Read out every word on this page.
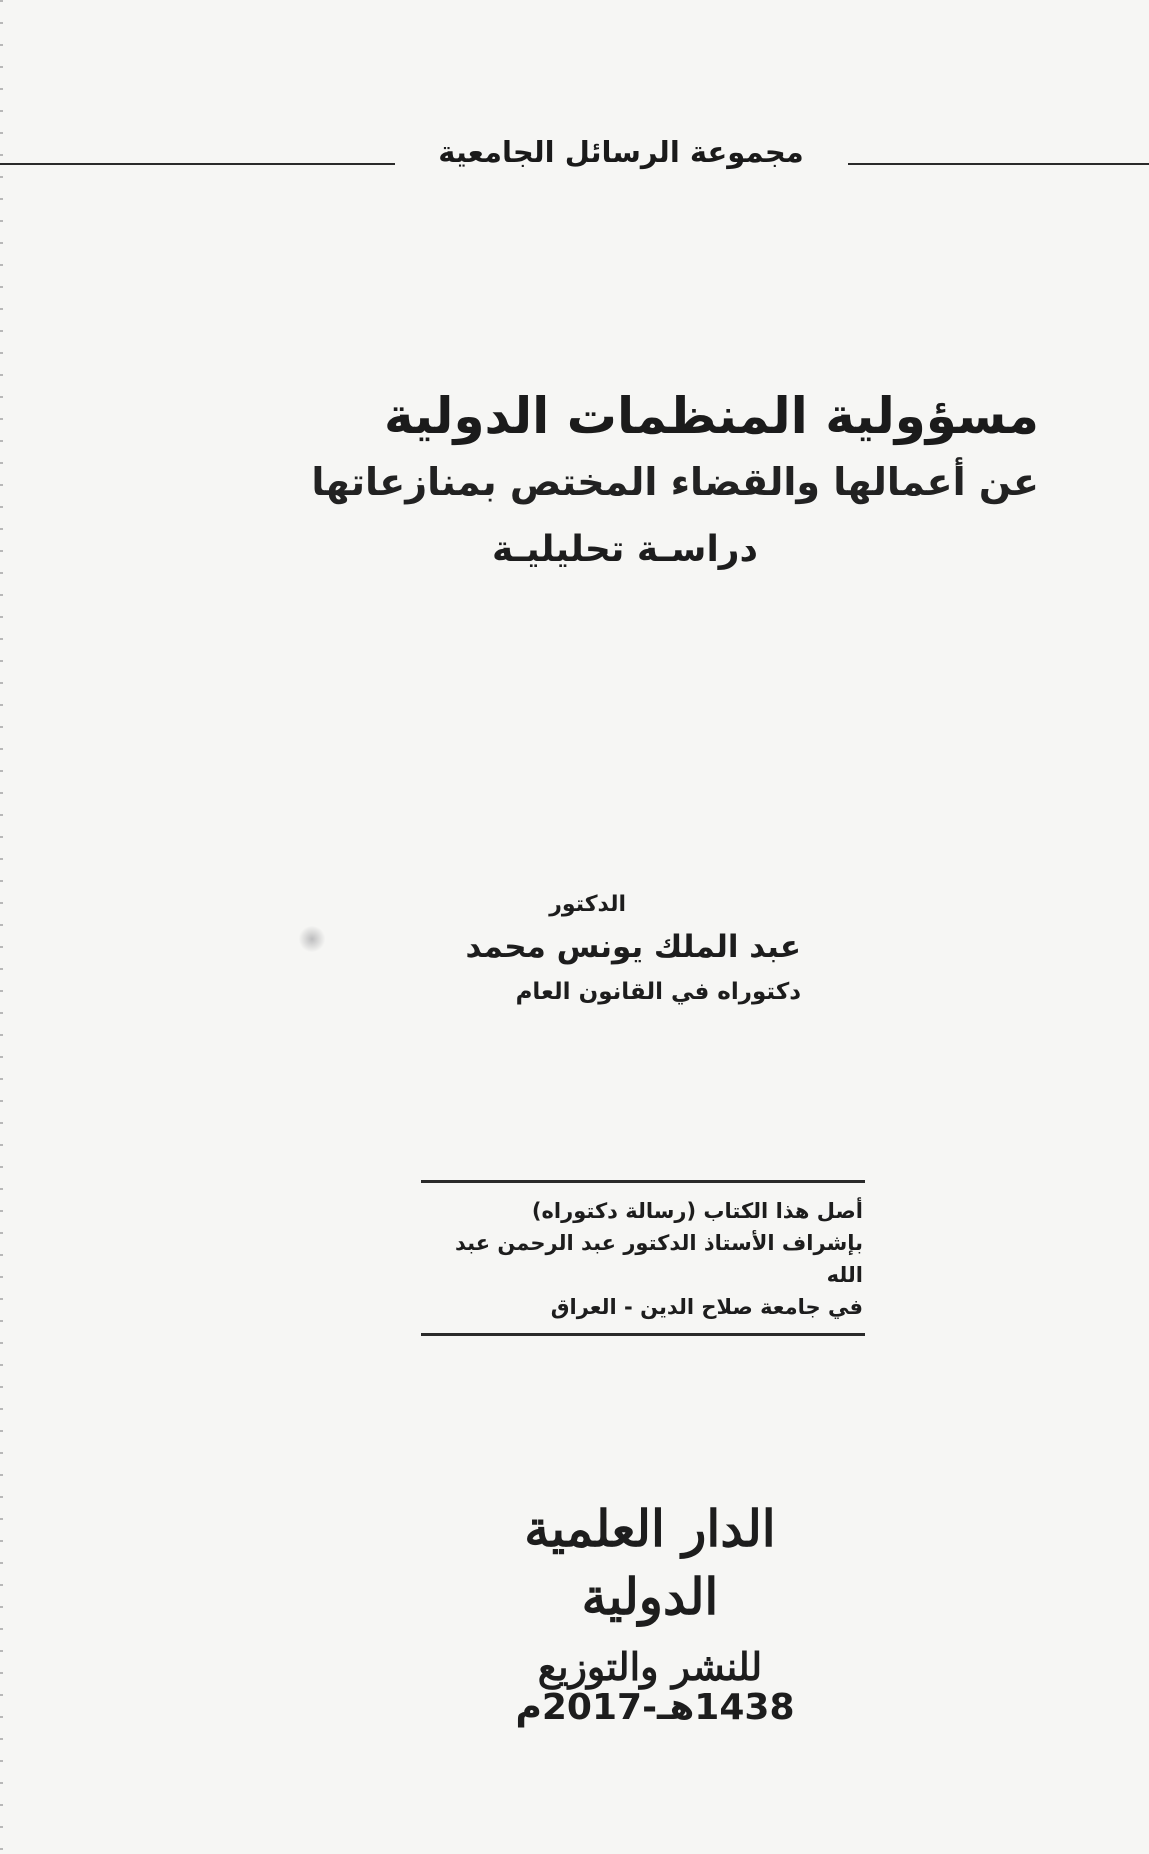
مجموعة الرسائل الجامعية

مسؤولية المنظمات الدولية

عن أعمالها والقضاء المختص بمنازعاتها

دراسـة تحليليـة
الدكتور
عبد الملك يونس محمد
دكتوراه في القانون العام

أصل هذا الكتاب (رسالة دكتوراه)

بإشراف الأستاذ الدكتور عبد الرحمن عبد الله

في جامعة صلاح الدين - العراق

الدار العلمية الدولية
للنشر والتوزيع
1438هـ-2017م
